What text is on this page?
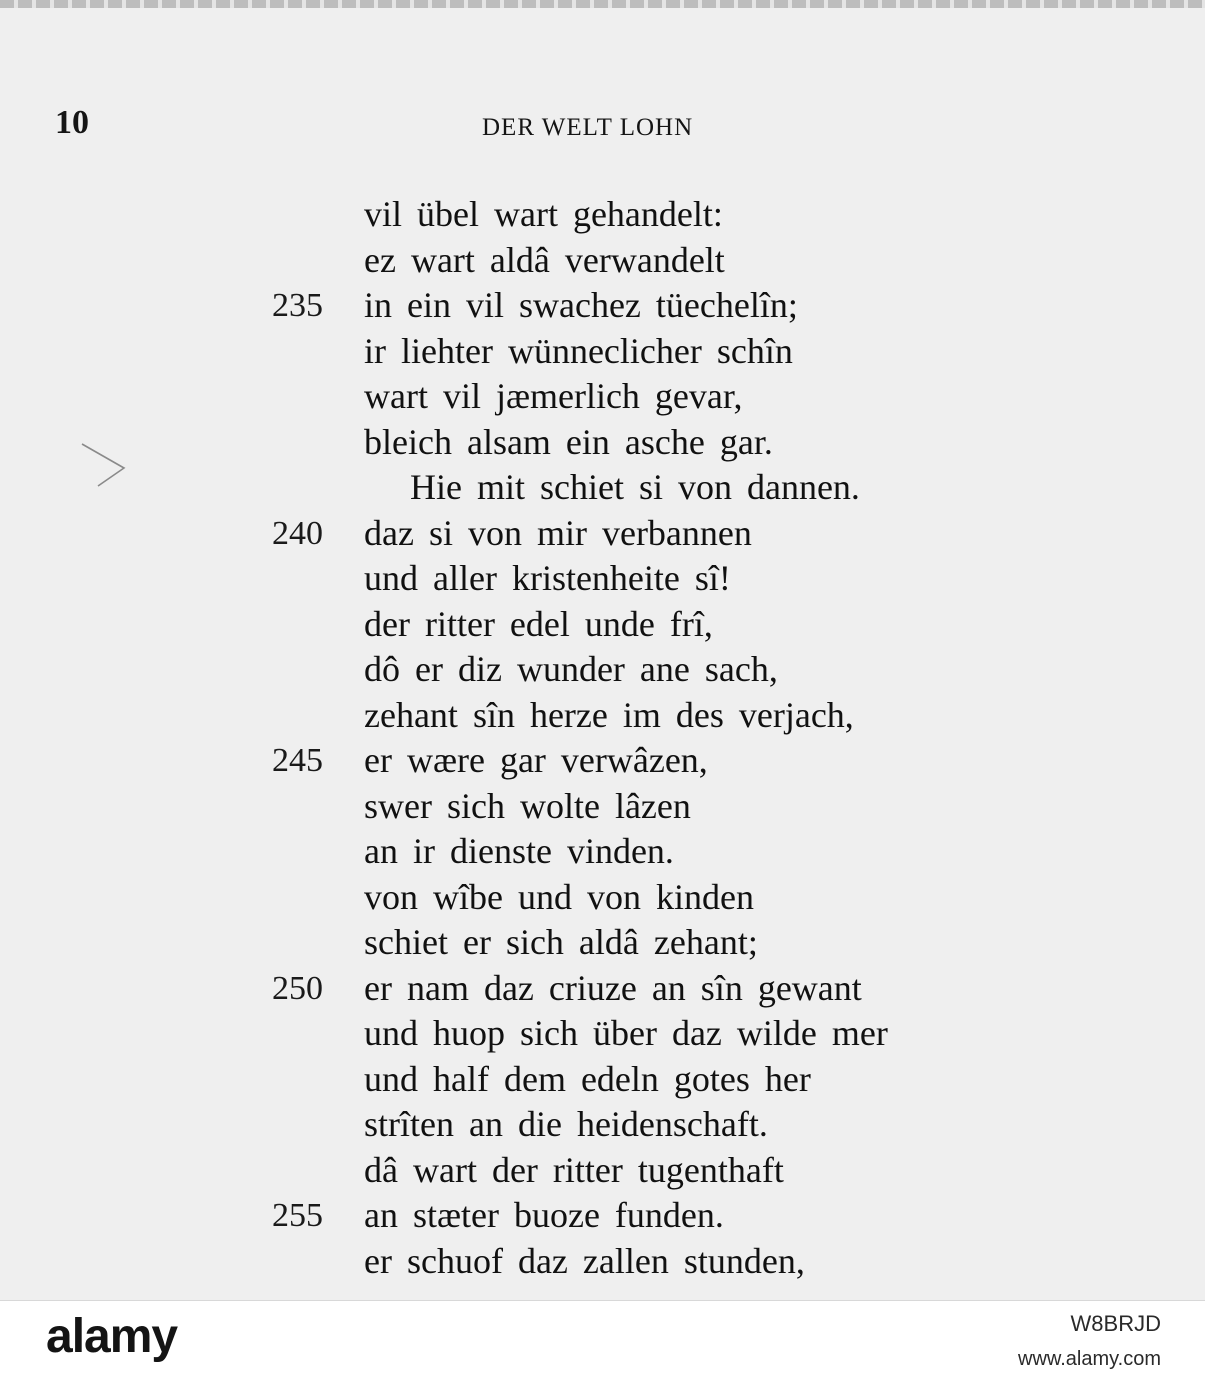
10	DER WELT LOHN
vil übel wart gehandelt:
ez wart aldâ verwandelt
235 in ein vil swachez tüechelîn;
ir liehter wünneclicher schîn
wart vil jæmerlich gevar,
bleich alsam ein asche gar.
Hie mit schiet si von dannen.
240 daz si von mir verbannen
und aller kristenheite sî!
der ritter edel unde frî,
dô er diz wunder ane sach,
zehant sîn herze im des verjach,
245 er wære gar verwâzen,
swer sich wolte lâzen
an ir dienste vinden.
von wîbe und von kinden
schiet er sich aldâ zehant;
250 er nam daz criuze an sîn gewant
und huop sich über daz wilde mer
und half dem edeln gotes her
strîten an die heidenschaft.
dâ wart der ritter tugenthaft
255 an stæter buoze funden.
er schuof daz zallen stunden,
alamy	W8BRJD
www.alamy.com
